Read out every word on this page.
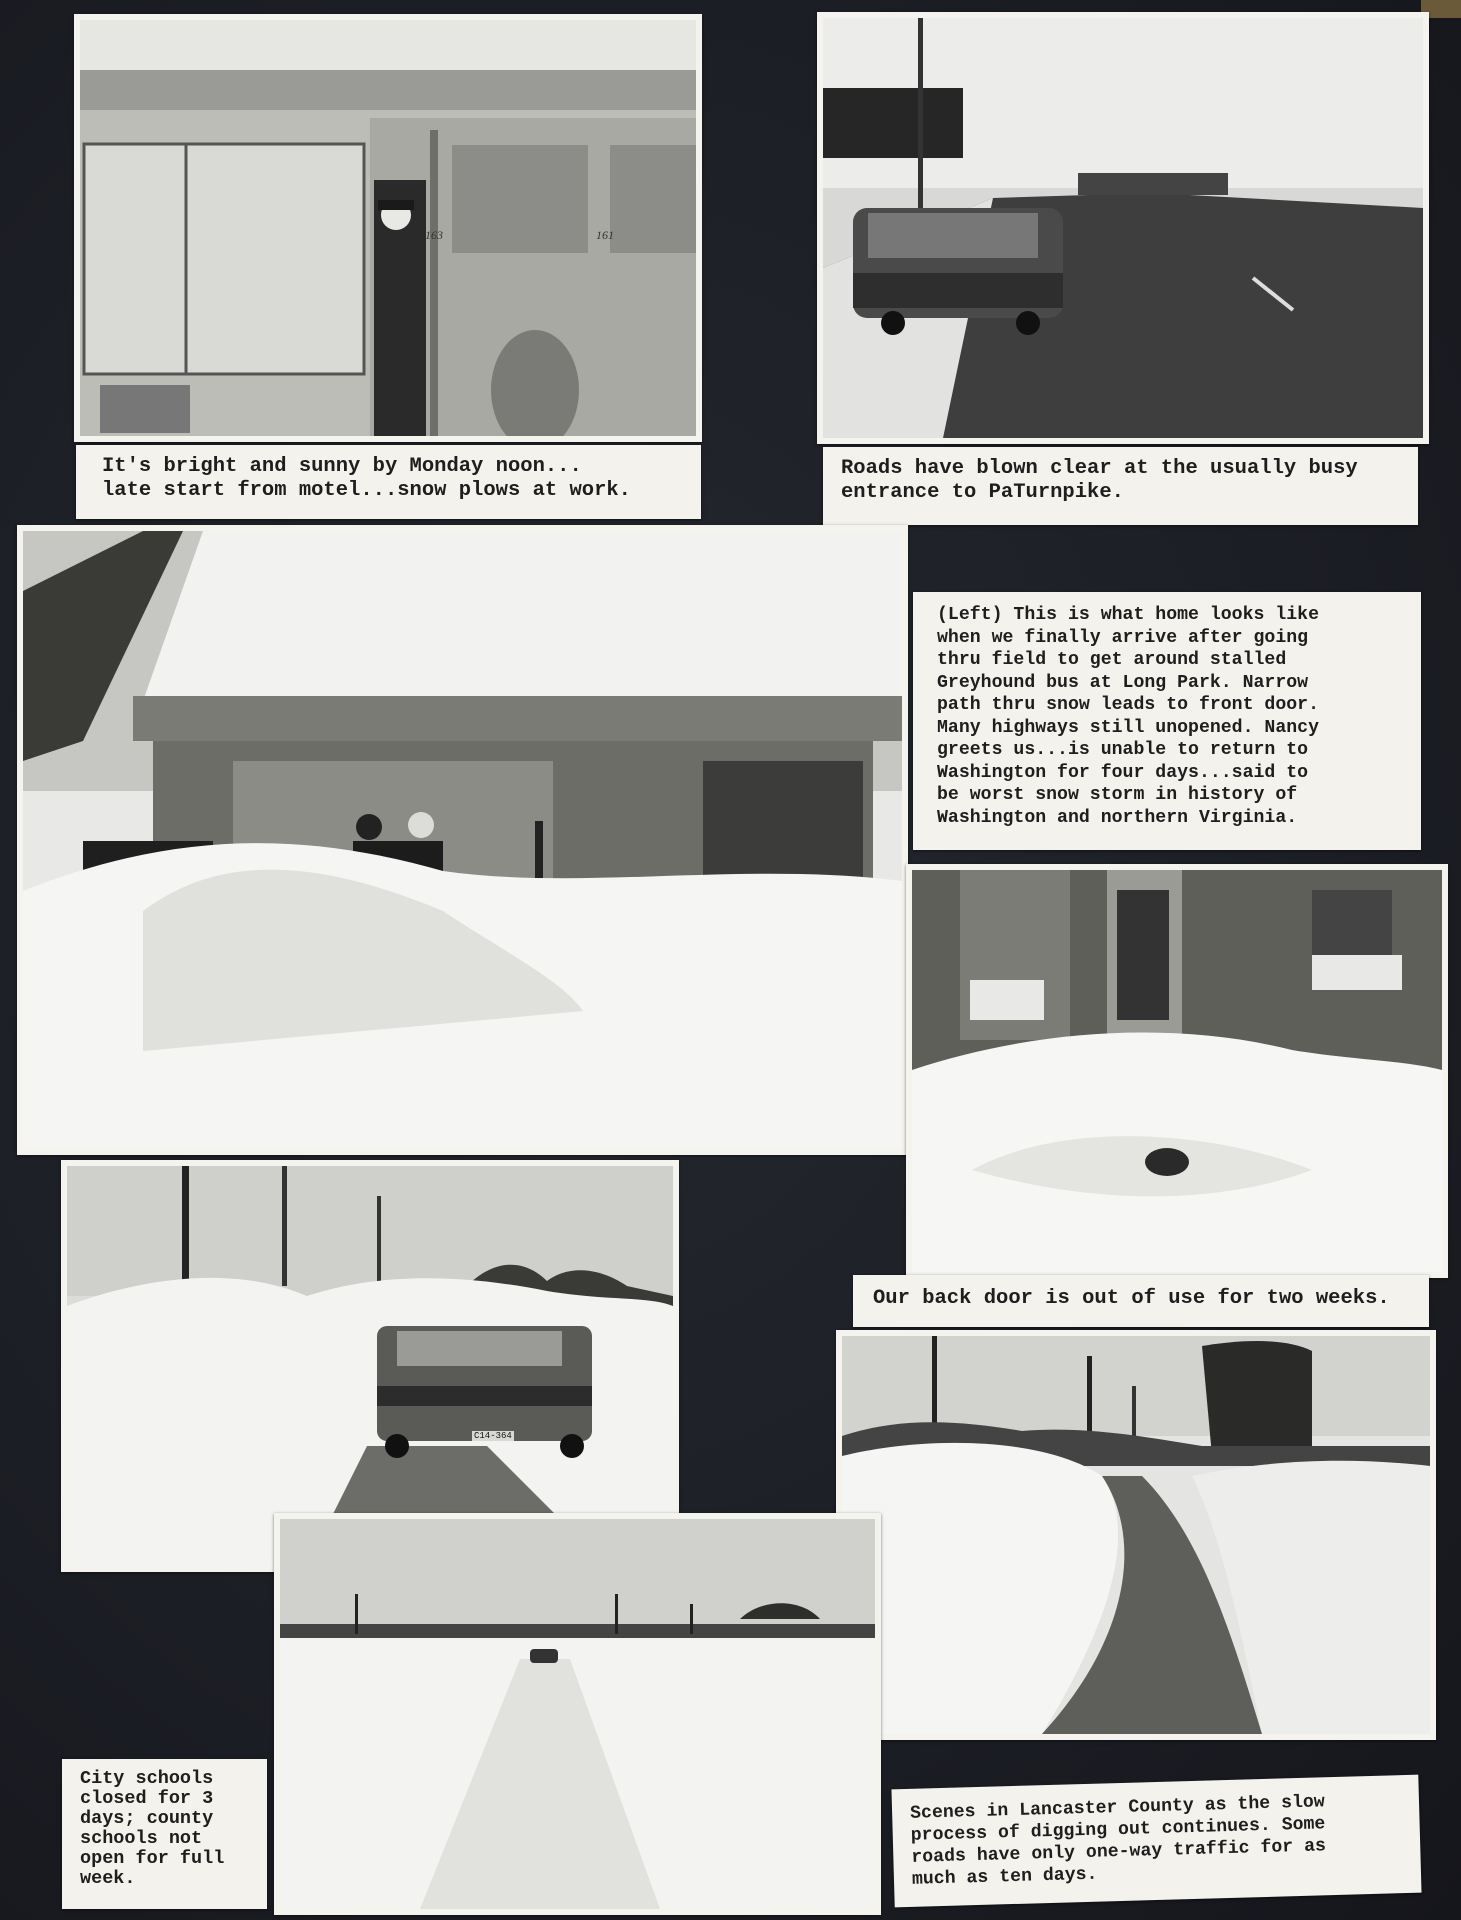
163	161
It's bright and sunny by Monday noon...
late start from motel...snow plows at work.
Roads have blown clear at the usually busy
entrance to PaTurnpike.
(Left) This is what home looks like
when we finally arrive after going
thru field to get around stalled
Greyhound bus at Long Park. Narrow
path thru snow leads to front door.
Many highways still unopened. Nancy
greets us...is unable to return to
Washington for four days...said to
be worst snow storm in history of
Washington and northern Virginia.
Our back door is out of use for two weeks.
C14-364
City schools
closed for 3
days; county
schools not
open for full
week.
Scenes in Lancaster County as the slow
process of digging out continues. Some
roads have only one-way traffic for as
much as ten days.
